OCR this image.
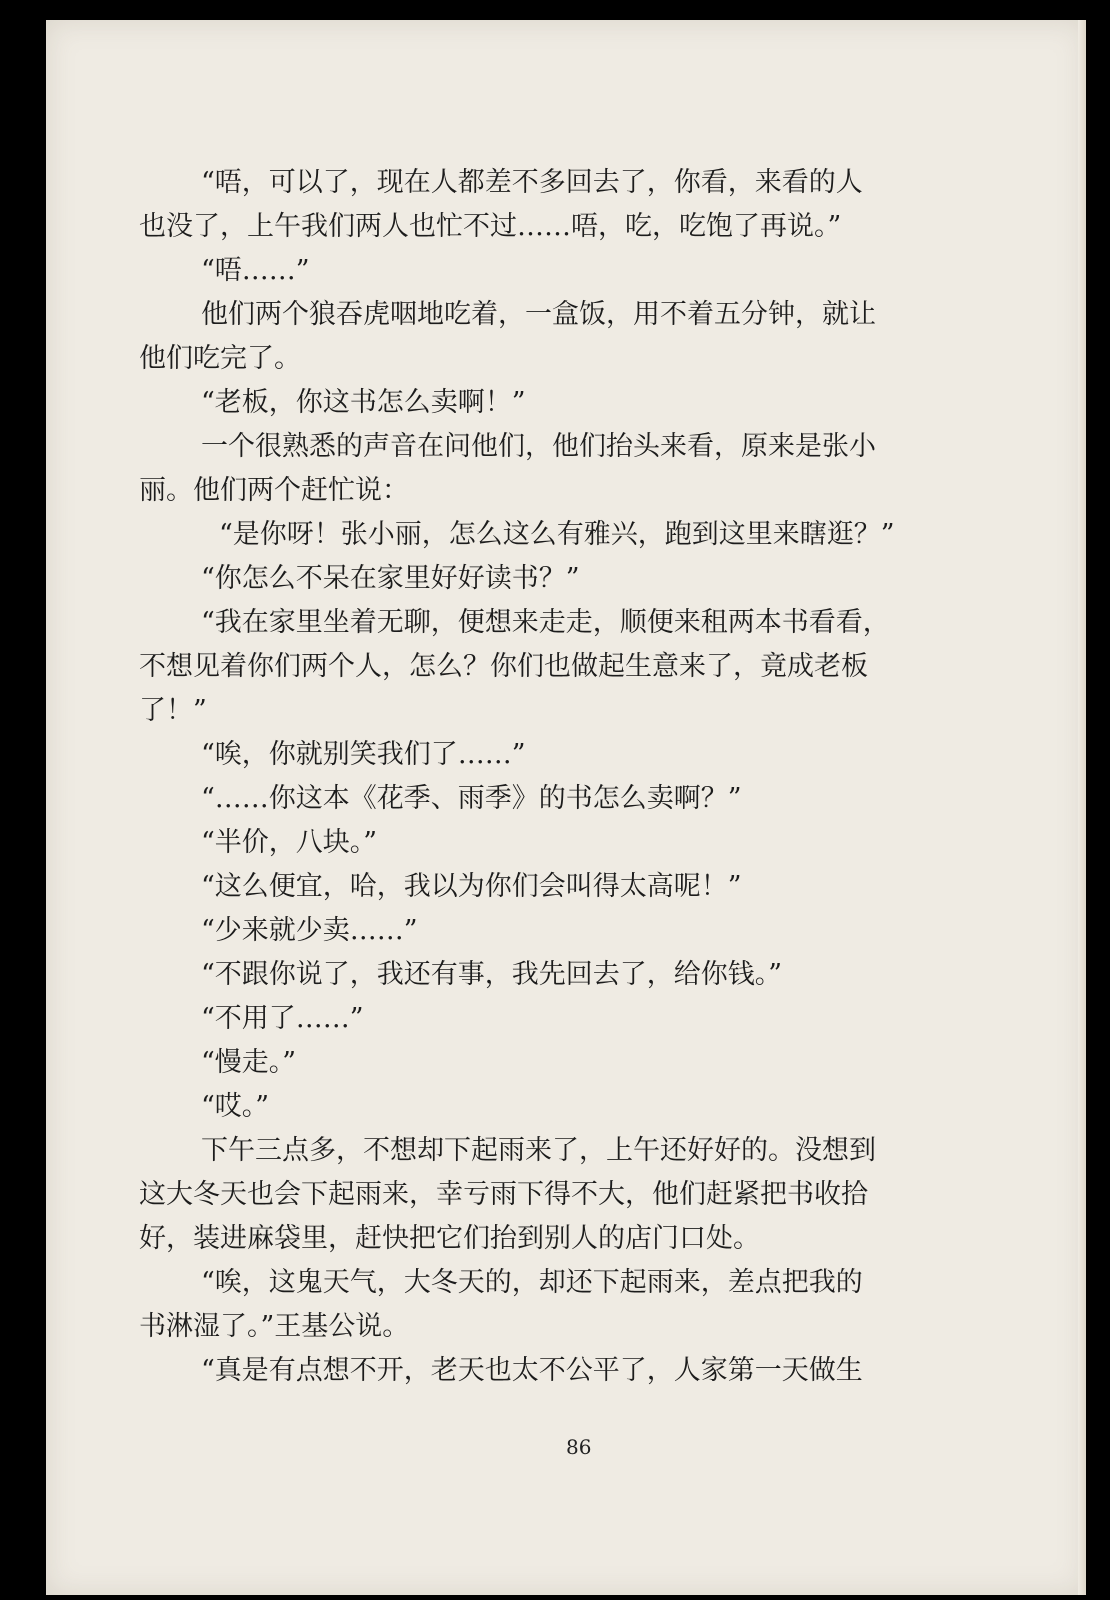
“唔，可以了，现在人都差不多回去了，你看，来看的人
也没了，上午我们两人也忙不过……唔，吃，吃饱了再说。”
“唔……”
他们两个狼吞虎咽地吃着，一盒饭，用不着五分钟，就让
他们吃完了。
“老板，你这书怎么卖啊！”
一个很熟悉的声音在问他们，他们抬头来看，原来是张小
丽。他们两个赶忙说：
“是你呀！张小丽，怎么这么有雅兴，跑到这里来瞎逛？”
“你怎么不呆在家里好好读书？”
“我在家里坐着无聊，便想来走走，顺便来租两本书看看，
不想见着你们两个人，怎么？你们也做起生意来了，竟成老板
了！”
“唉，你就别笑我们了……”
“……你这本《花季、雨季》的书怎么卖啊？”
“半价，八块。”
“这么便宜，哈，我以为你们会叫得太高呢！”
“少来就少卖……”
“不跟你说了，我还有事，我先回去了，给你钱。”
“不用了……”
“慢走。”
“哎。”
下午三点多，不想却下起雨来了，上午还好好的。没想到
这大冬天也会下起雨来，幸亏雨下得不大，他们赶紧把书收拾
好，装进麻袋里，赶快把它们抬到别人的店门口处。
“唉，这鬼天气，大冬天的，却还下起雨来，差点把我的
书淋湿了。”王基公说。
“真是有点想不开，老天也太不公平了，人家第一天做生
86
